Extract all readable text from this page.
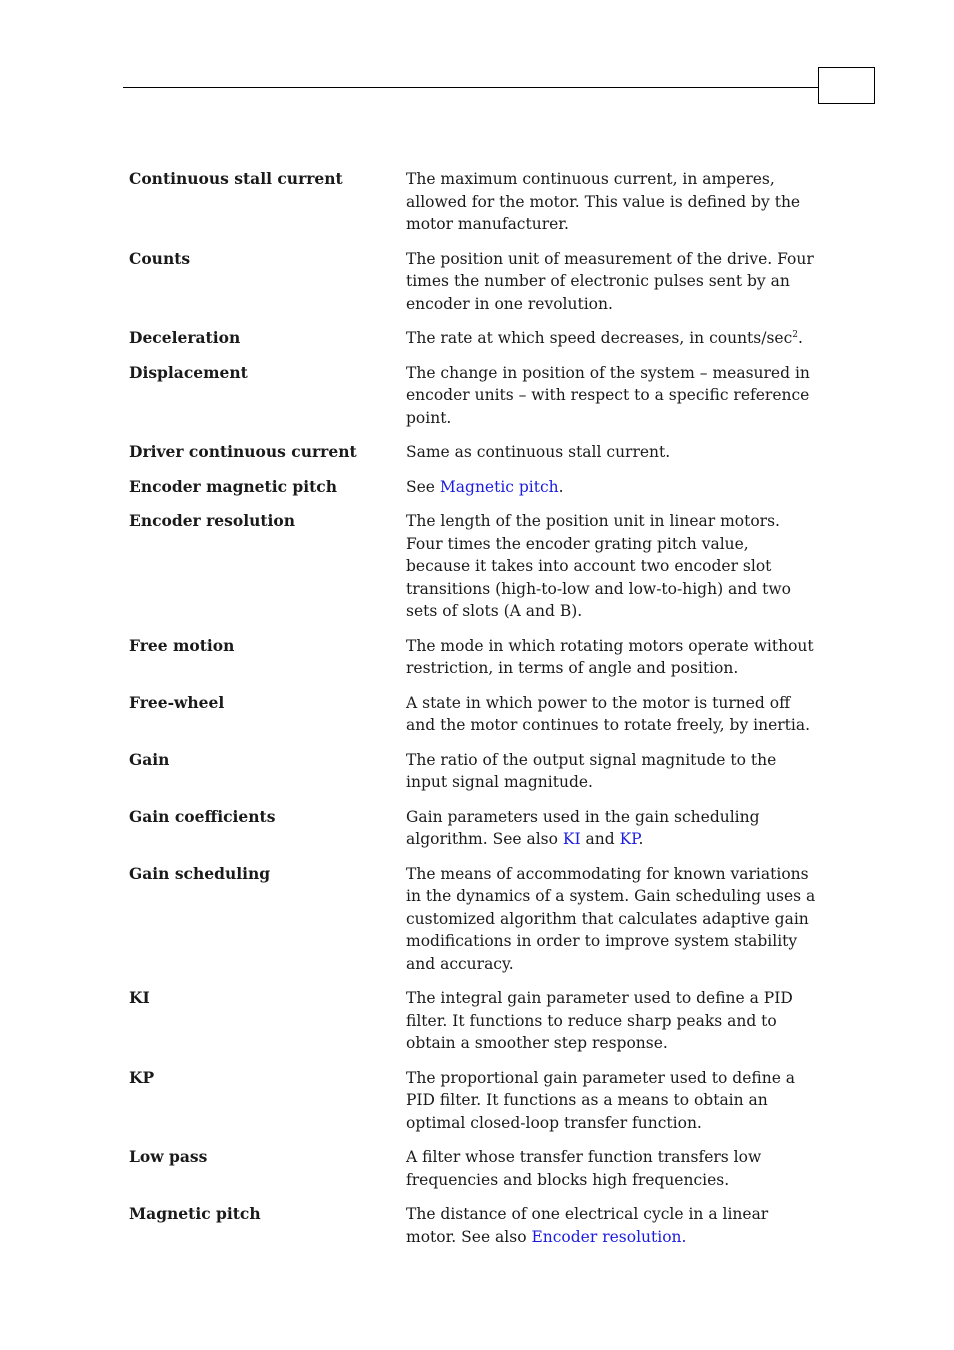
Continuous stall current	The maximum continuous current, in amperes, allowed for the motor. This value is defined by the motor manufacturer.
Counts	The position unit of measurement of the drive. Four times the number of electronic pulses sent by an encoder in one revolution.
Deceleration	The rate at which speed decreases, in counts/$\sec^2$.
Displacement	The change in position of the system – measured in encoder units – with respect to a specific reference point.
Driver continuous current	Same as continuous stall current.
Encoder magnetic pitch	See Magnetic pitch.
Encoder resolution	The length of the position unit in linear motors. Four times the encoder grating pitch value, because it takes into account two encoder slot transitions (high-to-low and low-to-high) and two sets of slots (A and B).
Free motion	The mode in which rotating motors operate without restriction, in terms of angle and position.
Free-wheel	A state in which power to the motor is turned off and the motor continues to rotate freely, by inertia.
Gain	The ratio of the output signal magnitude to the input signal magnitude.
Gain coefficients	Gain parameters used in the gain scheduling algorithm. See also KI and KP.
Gain scheduling	The means of accommodating for known variations in the dynamics of a system. Gain scheduling uses a customized algorithm that calculates adaptive gain modifications in order to improve system stability and accuracy.
KI	The integral gain parameter used to define a PID filter. It functions to reduce sharp peaks and to obtain a smoother step response.
KP	The proportional gain parameter used to define a PID filter. It functions as a means to obtain an optimal closed-loop transfer function.
Low pass	A filter whose transfer function transfers low frequencies and blocks high frequencies.
Magnetic pitch	The distance of one electrical cycle in a linear motor. See also Encoder resolution.
